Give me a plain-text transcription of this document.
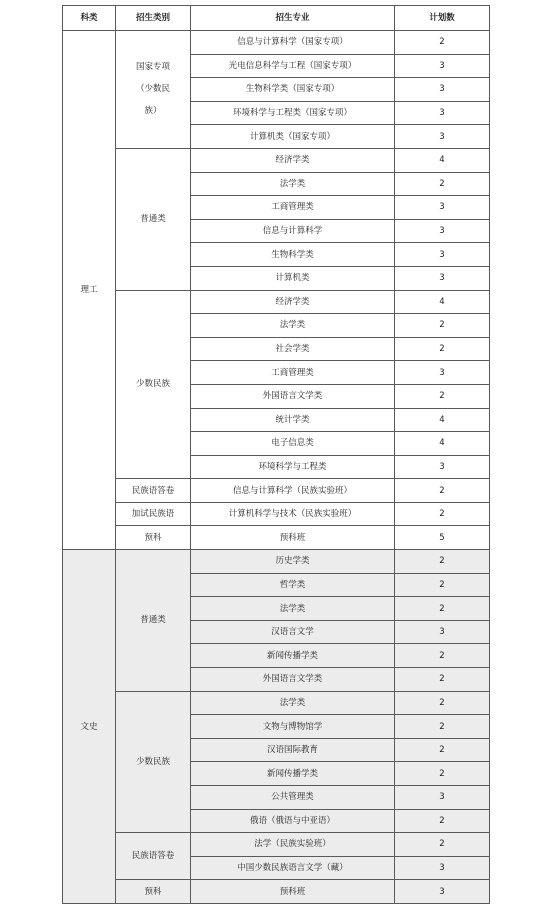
科类	招生类别	招生专业	计划数
理工	国家专项（少数民族）	信息与计算科学（国家专项）	2
		光电信息科学与工程（国家专项）	3
		生物科学类（国家专项）	3
		环境科学与工程类（国家专项）	3
		计算机类（国家专项）	3
	普通类	经济学类	4
		法学类	2
		工商管理类	3
		信息与计算科学	3
		生物科学类	3
		计算机类	3
	少数民族	经济学类	4
		法学类	2
		社会学类	2
		工商管理类	3
		外国语言文学类	2
		统计学类	4
		电子信息类	4
		环境科学与工程类	3
	民族语答卷	信息与计算科学（民族实验班）	2
	加试民族语	计算机科学与技术（民族实验班）	2
	预科	预科班	5
文史	普通类	历史学类	2
		哲学类	2
		法学类	2
		汉语言文学	3
		新闻传播学类	2
		外国语言文学类	2
	少数民族	法学类	2
		文物与博物馆学	2
		汉语国际教育	2
		新闻传播学类	2
		公共管理类	3
		俄语（俄语与中亚语）	2
	民族语答卷	法学（民族实验班）	2
		中国少数民族语言文学（藏）	3
	预科	预科班	3
